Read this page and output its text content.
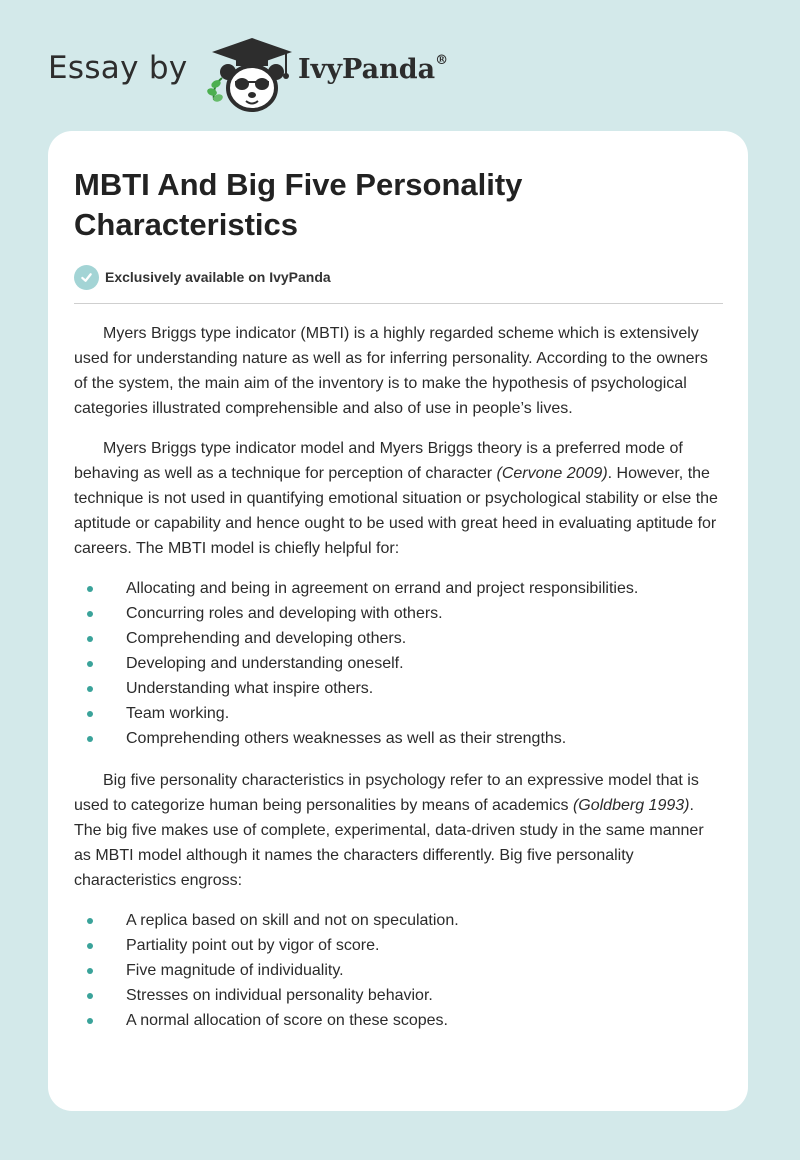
Essay by	IvyPanda®
MBTI And Big Five Personality Characteristics
Exclusively available on IvyPanda

Myers Briggs type indicator (MBTI) is a highly regarded scheme which is extensively used for understanding nature as well as for inferring personality. According to the owners of the system, the main aim of the inventory is to make the hypothesis of psychological categories illustrated comprehensible and also of use in people’s lives.

Myers Briggs type indicator model and Myers Briggs theory is a preferred mode of behaving as well as a technique for perception of character (Cervone 2009). However, the technique is not used in quantifying emotional situation or psychological stability or else the aptitude or capability and hence ought to be used with great heed in evaluating aptitude for careers. The MBTI model is chiefly helpful for:

Allocating and being in agreement on errand and project responsibilities.
Concurring roles and developing with others.
Comprehending and developing others.
Developing and understanding oneself.
Understanding what inspire others.
Team working.
Comprehending others weaknesses as well as their strengths.

Big five personality characteristics in psychology refer to an expressive model that is used to categorize human being personalities by means of academics (Goldberg 1993). The big five makes use of complete, experimental, data-driven study in the same manner as MBTI model although it names the characters differently. Big five personality characteristics engross:

A replica based on skill and not on speculation.
Partiality point out by vigor of score.
Five magnitude of individuality.
Stresses on individual personality behavior.
A normal allocation of score on these scopes.
